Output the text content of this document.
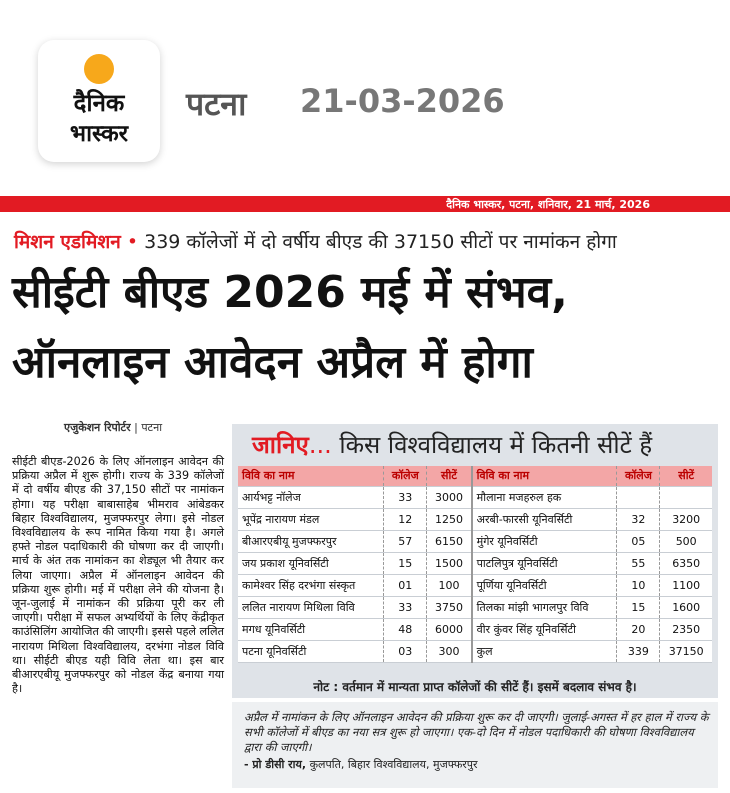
दैनिक
भास्कर
पटना 21-03-2026
दैनिक भास्कर, पटना, शनिवार, 21 मार्च, 2026
मिशन एडमिशन • 339 कॉलेजों में दो वर्षीय बीएड की 37150 सीटों पर नामांकन होगा
सीईटी बीएड 2026 मई में संभव,
ऑनलाइन आवेदन अप्रैल में होगा
एजुकेशन रिपोर्टर | पटना
सीईटी बीएड-2026 के लिए ऑनलाइन आवेदन की प्रक्रिया अप्रैल में शुरू होगी। राज्य के 339 कॉलेजों में दो वर्षीय बीएड की 37,150 सीटों पर नामांकन होगा। यह परीक्षा बाबासाहेब भीमराव आंबेडकर बिहार विश्वविद्यालय, मुजफ्फरपुर लेगा। इसे नोडल विश्वविद्यालय के रूप नामित किया गया है। अगले हफ्ते नोडल पदाधिकारी की घोषणा कर दी जाएगी। मार्च के अंत तक नामांकन का शेड्यूल भी तैयार कर लिया जाएगा। अप्रैल में ऑनलाइन आवेदन की प्रक्रिया शुरू होगी। मई में परीक्षा लेने की योजना है। जून-जुलाई में नामांकन की प्रक्रिया पूरी कर ली जाएगी। परीक्षा में सफल अभ्यर्थियों के लिए केंद्रीकृत काउंसिलिंग आयोजित की जाएगी। इससे पहले ललित नारायण मिथिला विश्वविद्यालय, दरभंगा नोडल विवि था। सीईटी बीएड यही विवि लेता था। इस बार बीआरएबीयू मुजफ्फरपुर को नोडल केंद्र बनाया गया है।
जानिए... किस विश्वविद्यालय में कितनी सीटें हैं
विवि का नाम	कॉलेज	सीटें	विवि का नाम	कॉलेज	सीटें
आर्यभट्ट नॉलेज	33	3000	मौलाना मजहरुल हक		
भूपेंद्र नारायण मंडल	12	1250	अरबी-फारसी यूनिवर्सिटी	32	3200
बीआरएबीयू मुजफ्फरपुर	57	6150	मुंगेर यूनिवर्सिटी	05	500
जय प्रकाश यूनिवर्सिटी	15	1500	पाटलिपुत्र यूनिवर्सिटी	55	6350
कामेश्वर सिंह दरभंगा संस्कृत	01	100	पूर्णिया यूनिवर्सिटी	10	1100
ललित नारायण मिथिला विवि	33	3750	तिलका मांझी भागलपुर विवि	15	1600
मगध यूनिवर्सिटी	48	6000	वीर कुंवर सिंह यूनिवर्सिटी	20	2350
पटना यूनिवर्सिटी	03	300	कुल	339	37150
नोट : वर्तमान में मान्यता प्राप्त कॉलेजों की सीटें हैं। इसमें बदलाव संभव है।
अप्रैल में नामांकन के लिए ऑनलाइन आवेदन की प्रक्रिया शुरू कर दी जाएगी। जुलाई-अगस्त में हर हाल में राज्य के सभी कॉलेजों में बीएड का नया सत्र शुरू हो जाएगा। एक-दो दिन में नोडल पदाधिकारी की घोषणा विश्वविद्यालय द्वारा की जाएगी।
- प्रो डीसी राय, कुलपति, बिहार विश्वविद्यालय, मुजफ्फरपुर
